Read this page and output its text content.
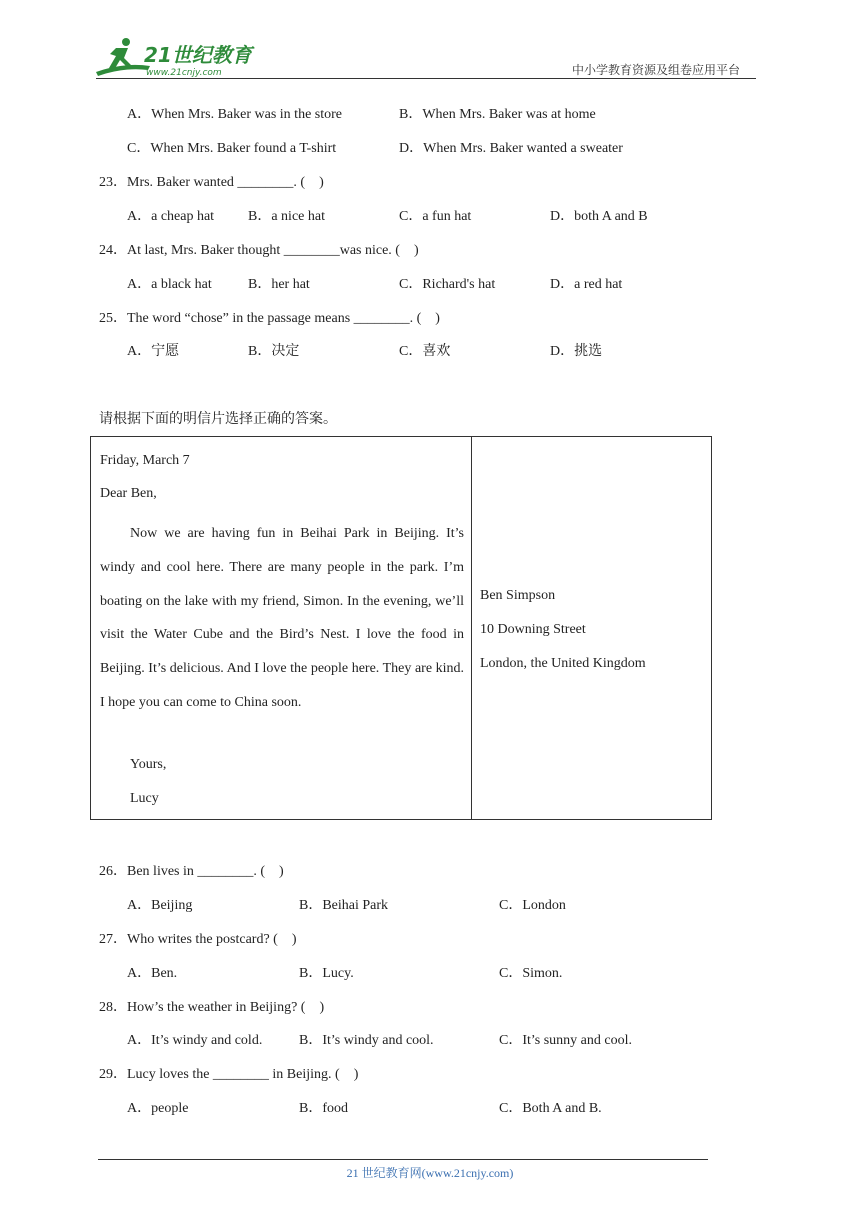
21世纪教育
www.21cnjy.com	中小学教育资源及组卷应用平台
A．When Mrs. Baker was in the store	B．When Mrs. Baker was at home
C．When Mrs. Baker found a T-shirt	D．When Mrs. Baker wanted a sweater
23．Mrs. Baker wanted ________. (　)
A．a cheap hat B．a nice hat	C．a fun hat	D．both A and B
24．At last, Mrs. Baker thought ________was nice. (　)
A．a black hat	B．her hat	C．Richard's hat	D．a red hat
25．The word “chose” in the passage means ________. (　)
A．宁愿	B．决定	C．喜欢	D．挑选
请根据下面的明信片选择正确的答案。
Friday, March 7
Dear Ben,
Now we are having fun in Beihai Park in Beijing. It’s windy and cool here. There are many people in the park. I’m boating on the lake with my friend, Simon. In the evening, we’ll visit the Water Cube and the Bird’s Nest. I love the food in Beijing. It’s delicious. And I love the people here. They are kind. I hope you can come to China soon.
Yours,
Lucy
Ben Simpson
10 Downing Street
London, the United Kingdom
26．Ben lives in ________. (　)
A．Beijing	B．Beihai Park	C．London
27．Who writes the postcard? (　)
A．Ben.	B．Lucy.	C．Simon.
28．How’s the weather in Beijing? (　)
A．It’s windy and cold.	B．It’s windy and cool.	C．It’s sunny and cool.
29．Lucy loves the ________ in Beijing. (　)
A．people	B．food	C．Both A and B.
21 世纪教育网(www.21cnjy.com)
